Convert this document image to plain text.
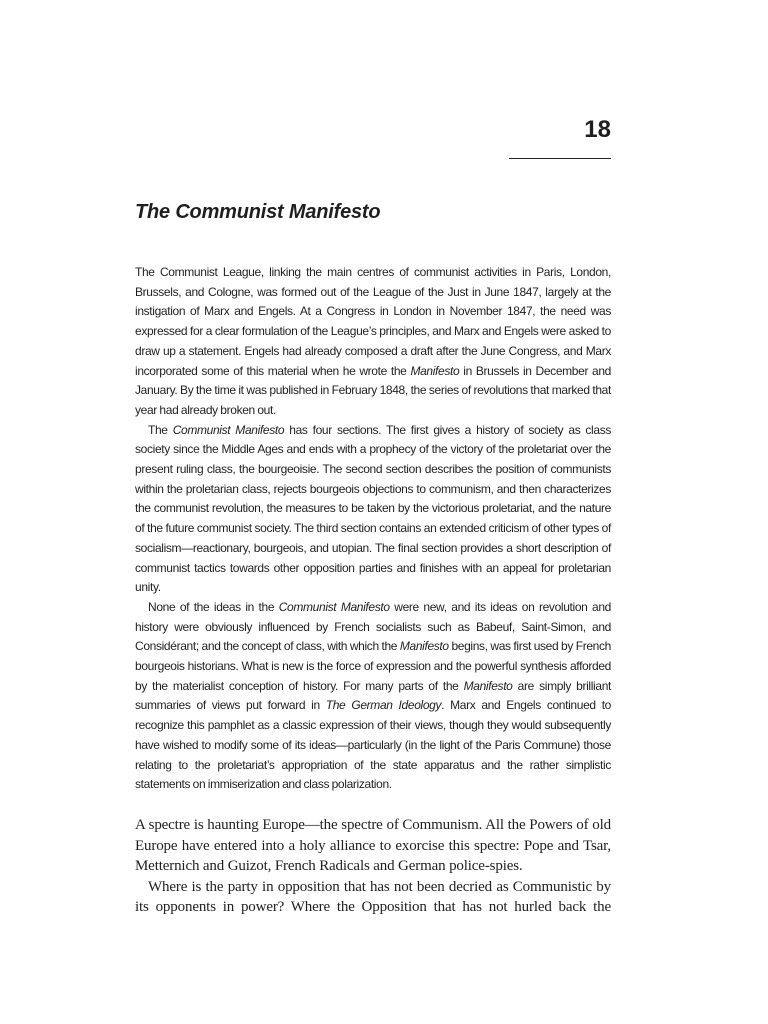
18
The Communist Manifesto

The Communist League, linking the main centres of communist activities in Paris, London, Brussels, and Cologne, was formed out of the League of the Just in June 1847, largely at the instigation of Marx and Engels. At a Congress in London in November 1847, the need was expressed for a clear formulation of the League’s principles, and Marx and Engels were asked to draw up a statement. Engels had already composed a draft after the June Congress, and Marx incorporated some of this material when he wrote the Manifesto in Brussels in December and January. By the time it was published in February 1848, the series of revolutions that marked that year had already broken out.

The Communist Manifesto has four sections. The first gives a history of society as class society since the Middle Ages and ends with a prophecy of the victory of the proletariat over the present ruling class, the bourgeoisie. The second section describes the position of communists within the proletarian class, rejects bourgeois objections to communism, and then characterizes the communist revolution, the measures to be taken by the victorious proletariat, and the nature of the future communist society. The third section contains an extended criticism of other types of socialism—reactionary, bourgeois, and utopian. The final section provides a short description of communist tactics towards other opposition parties and finishes with an appeal for proletarian unity.

None of the ideas in the Communist Manifesto were new, and its ideas on revolution and history were obviously influenced by French socialists such as Babeuf, Saint-Simon, and Considérant; and the concept of class, with which the Manifesto begins, was first used by French bourgeois historians. What is new is the force of expression and the powerful synthesis afforded by the materialist conception of history. For many parts of the Manifesto are simply brilliant summaries of views put forward in The German Ideology. Marx and Engels continued to recognize this pamphlet as a classic expression of their views, though they would subsequently have wished to modify some of its ideas—particularly (in the light of the Paris Commune) those relating to the proletariat’s appropriation of the state apparatus and the rather simplistic statements on immiserization and class polarization.

A spectre is haunting Europe—the spectre of Communism. All the Powers of old Europe have entered into a holy alliance to exorcise this spectre: Pope and Tsar, Metternich and Guizot, French Radicals and German police-spies.

Where is the party in opposition that has not been decried as Communistic by its opponents in power? Where the Opposition that has not hurled back the
